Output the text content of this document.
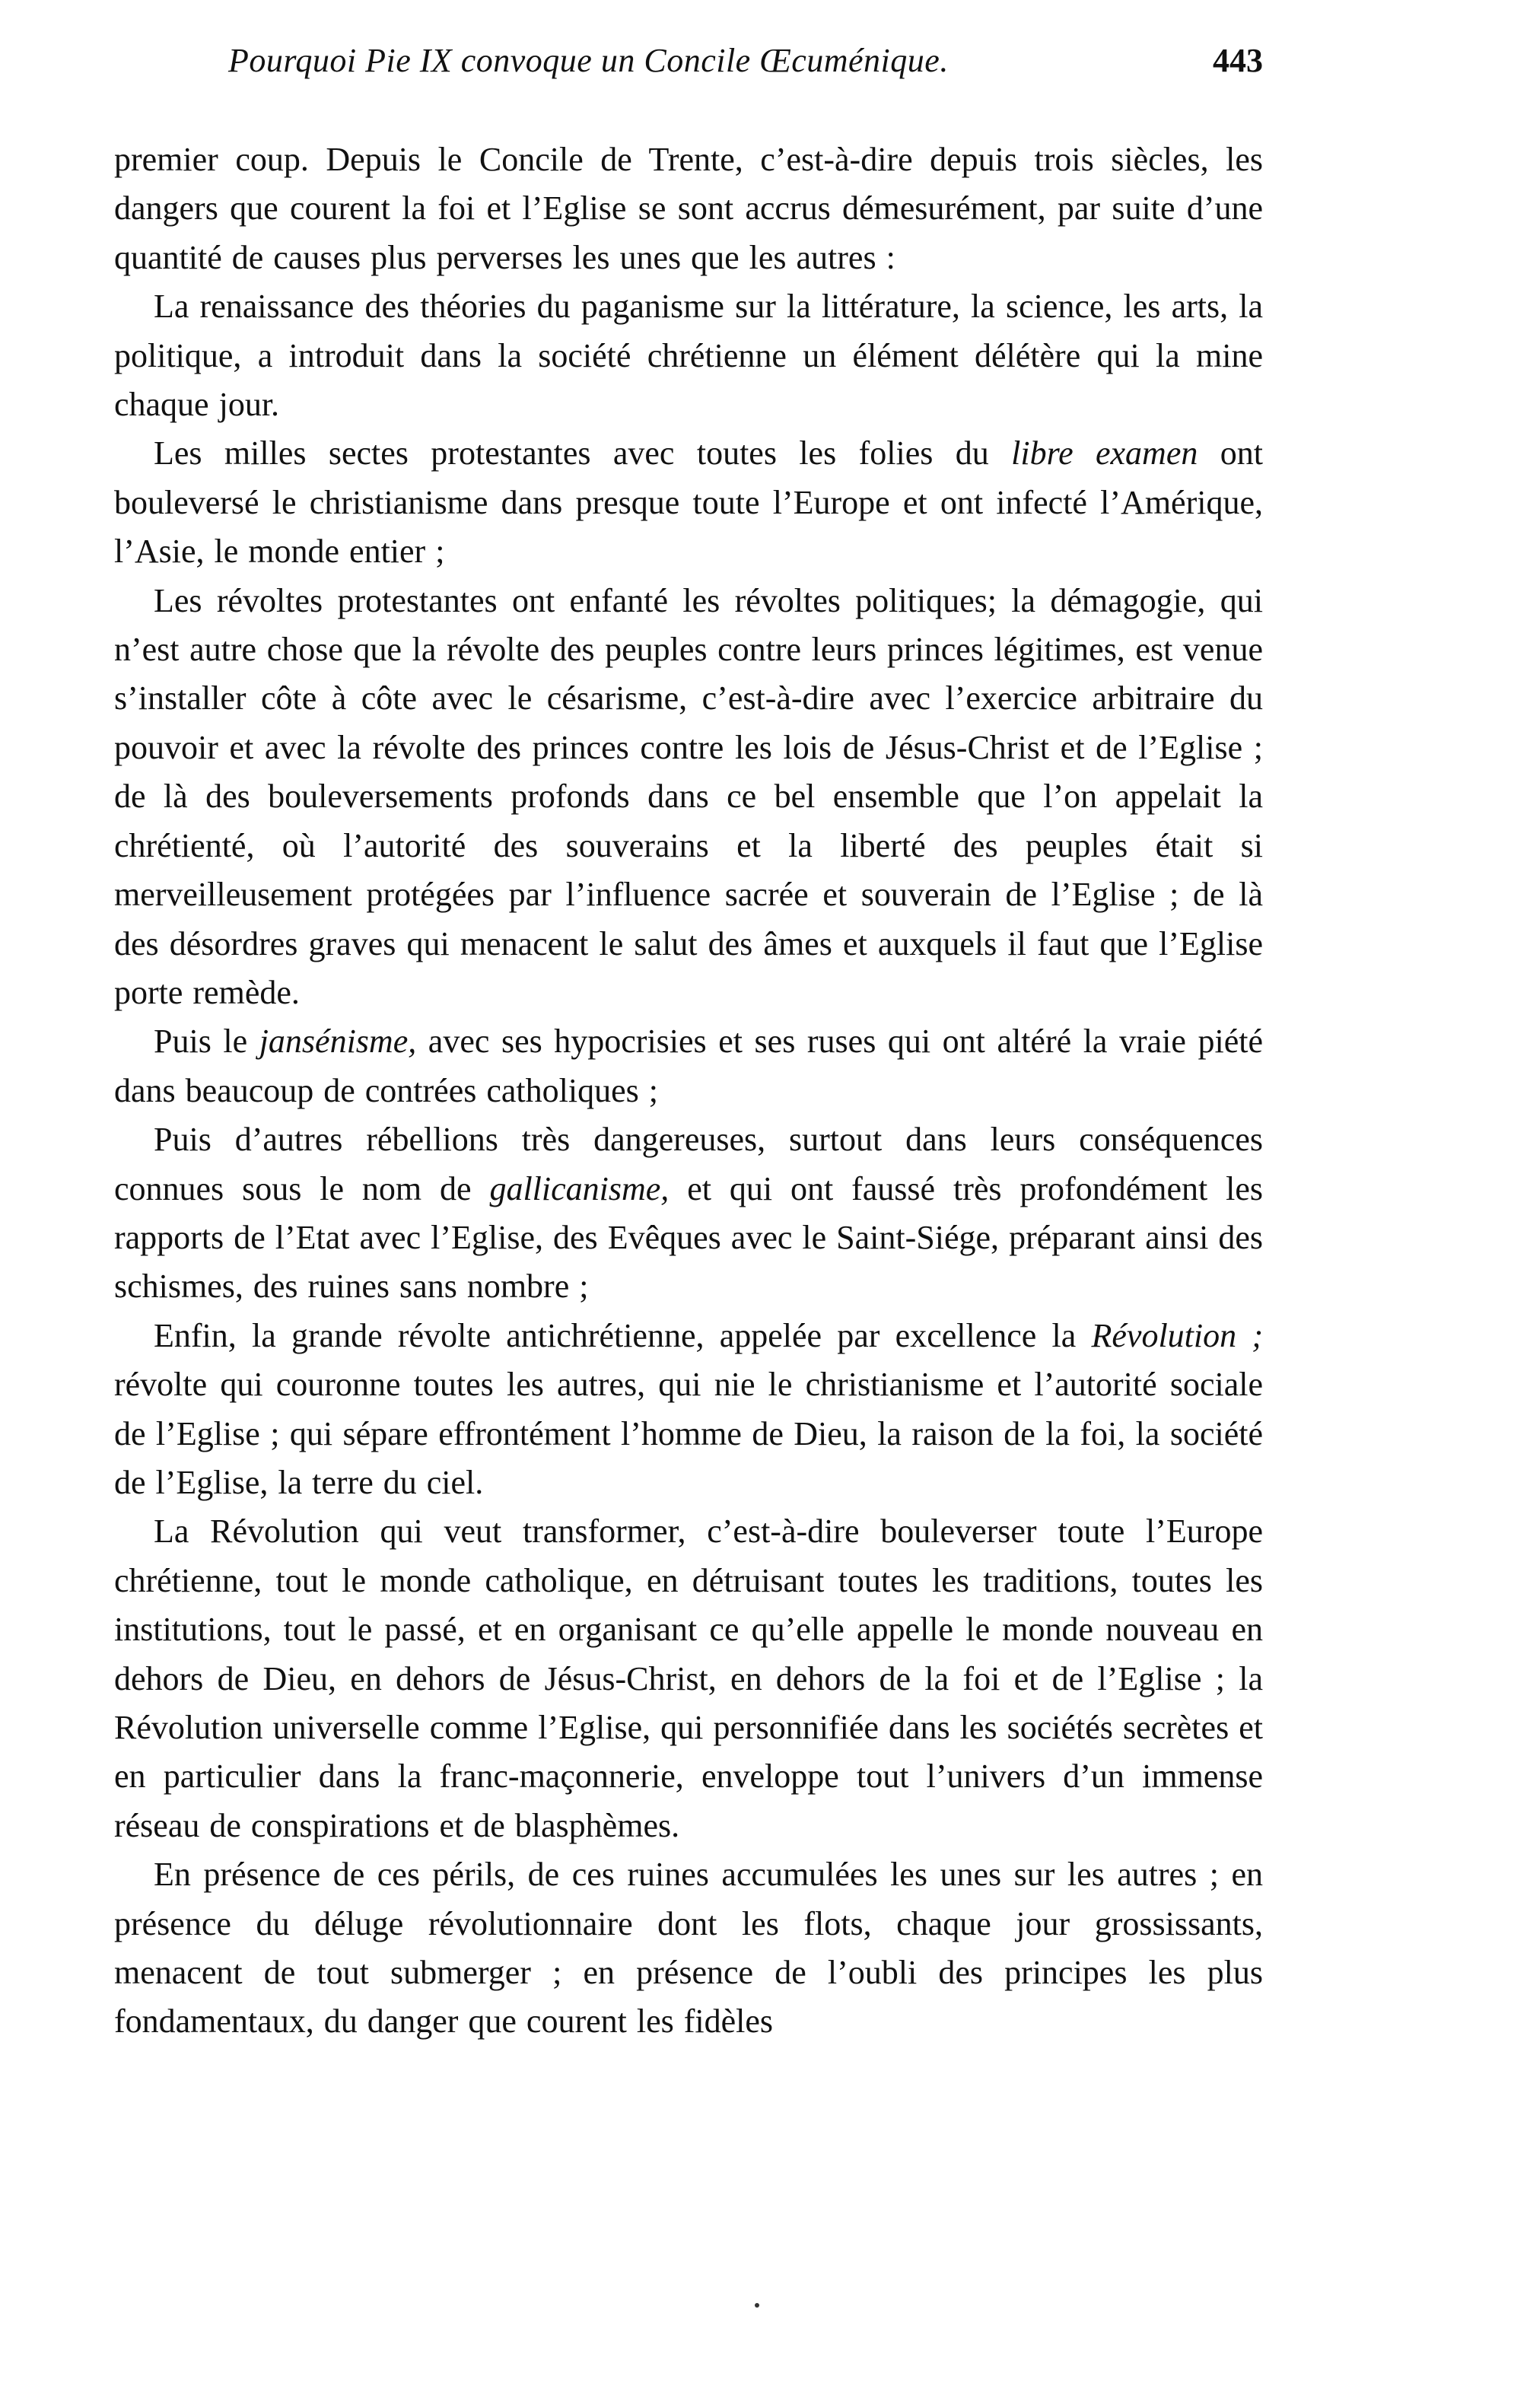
Pourquoi Pie IX convoque un Concile Œcuménique.	443

premier coup. Depuis le Concile de Trente, c’est-à-dire depuis trois siècles, les dangers que courent la foi et l’Eglise se sont accrus démesurément, par suite d’une quantité de causes plus perverses les unes que les autres :

La renaissance des théories du paganisme sur la littérature, la science, les arts, la politique, a introduit dans la société chrétienne un élément délétère qui la mine chaque jour.

Les milles sectes protestantes avec toutes les folies du libre examen ont bouleversé le christianisme dans presque toute l’Europe et ont infecté l’Amérique, l’Asie, le monde entier ;

Les révoltes protestantes ont enfanté les révoltes politiques; la démagogie, qui n’est autre chose que la révolte des peuples contre leurs princes légitimes, est venue s’installer côte à côte avec le césarisme, c’est-à-dire avec l’exercice arbitraire du pouvoir et avec la révolte des princes contre les lois de Jésus-Christ et de l’Eglise ; de là des bouleversements profonds dans ce bel ensemble que l’on appelait la chrétienté, où l’autorité des souverains et la liberté des peuples était si merveilleusement protégées par l’influence sacrée et souverain de l’Eglise ; de là des désordres graves qui menacent le salut des âmes et auxquels il faut que l’Eglise porte remède.

Puis le jansénisme, avec ses hypocrisies et ses ruses qui ont altéré la vraie piété dans beaucoup de contrées catholiques ;

Puis d’autres rébellions très dangereuses, surtout dans leurs conséquences connues sous le nom de gallicanisme, et qui ont faussé très profondément les rapports de l’Etat avec l’Eglise, des Evêques avec le Saint-Siége, préparant ainsi des schismes, des ruines sans nombre ;

Enfin, la grande révolte antichrétienne, appelée par excellence la Révolution ; révolte qui couronne toutes les autres, qui nie le christianisme et l’autorité sociale de l’Eglise ; qui sépare effrontément l’homme de Dieu, la raison de la foi, la société de l’Eglise, la terre du ciel.

La Révolution qui veut transformer, c’est-à-dire bouleverser toute l’Europe chrétienne, tout le monde catholique, en détruisant toutes les traditions, toutes les institutions, tout le passé, et en organisant ce qu’elle appelle le monde nouveau en dehors de Dieu, en dehors de Jésus-Christ, en dehors de la foi et de l’Eglise ; la Révolution universelle comme l’Eglise, qui personnifiée dans les sociétés secrètes et en particulier dans la franc-maçonnerie, enveloppe tout l’univers d’un immense réseau de conspirations et de blasphèmes.

En présence de ces périls, de ces ruines accumulées les unes sur les autres ; en présence du déluge révolutionnaire dont les flots, chaque jour grossissants, menacent de tout submerger ; en présence de l’oubli des principes les plus fondamentaux, du danger que courent les fidèles
